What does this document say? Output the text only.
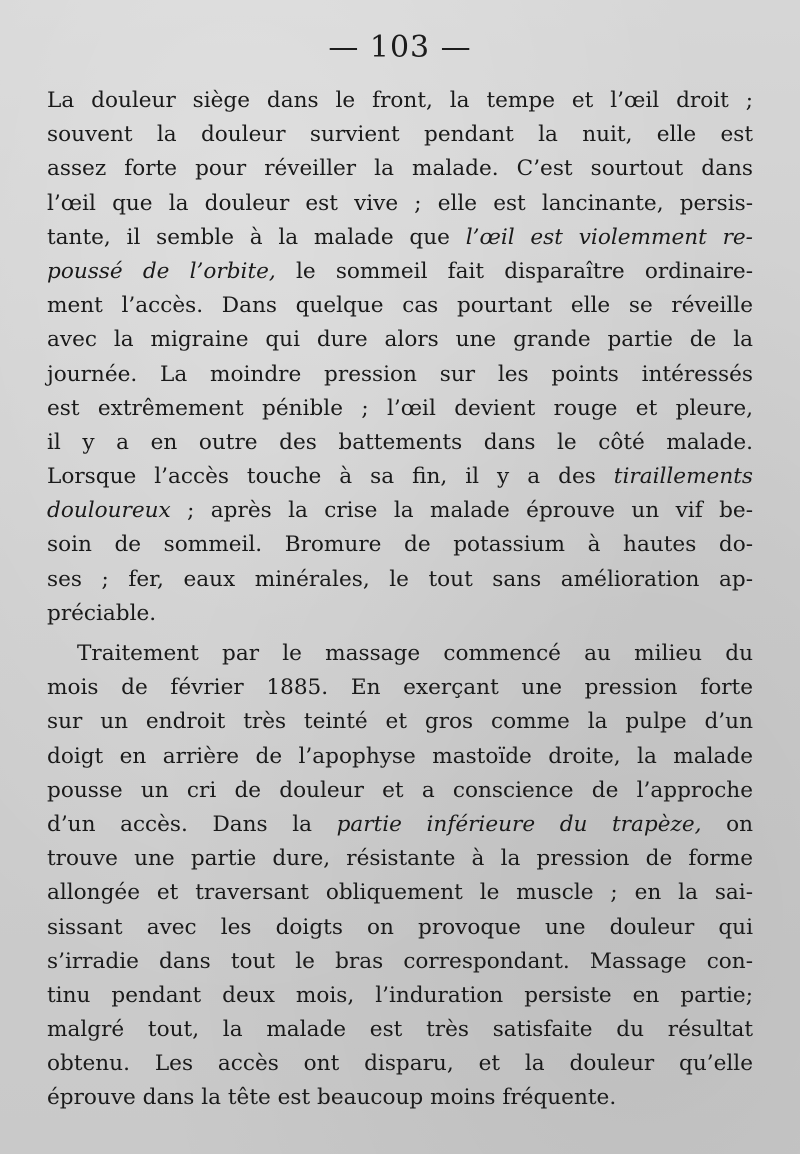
— 103 —
La douleur siège dans le front, la tempe et l’œil droit ;
souvent la douleur survient pendant la nuit, elle est
assez forte pour réveiller la malade. C’est sourtout dans
l’œil que la douleur est vive ; elle est lancinante, persis-
tante, il semble à la malade que l’œil est violemment re-
poussé de l’orbite, le sommeil fait disparaître ordinaire-
ment l’accès. Dans quelque cas pourtant elle se réveille
avec la migraine qui dure alors une grande partie de la
journée. La moindre pression sur les points intéressés
est extrêmement pénible ; l’œil devient rouge et pleure,
il y a en outre des battements dans le côté malade.
Lorsque l’accès touche à sa fin, il y a des tiraillements
douloureux ; après la crise la malade éprouve un vif be-
soin de sommeil. Bromure de potassium à hautes do-
ses ; fer, eaux minérales, le tout sans amélioration ap-
préciable.
Traitement par le massage commencé au milieu du
mois de février 1885. En exerçant une pression forte
sur un endroit très teinté et gros comme la pulpe d’un
doigt en arrière de l’apophyse mastoïde droite, la malade
pousse un cri de douleur et a conscience de l’approche
d’un accès. Dans la partie inférieure du trapèze, on
trouve une partie dure, résistante à la pression de forme
allongée et traversant obliquement le muscle ; en la sai-
sissant avec les doigts on provoque une douleur qui
s’irradie dans tout le bras correspondant. Massage con-
tinu pendant deux mois, l’induration persiste en partie;
malgré tout, la malade est très satisfaite du résultat
obtenu. Les accès ont disparu, et la douleur qu’elle
éprouve dans la tête est beaucoup moins fréquente.
